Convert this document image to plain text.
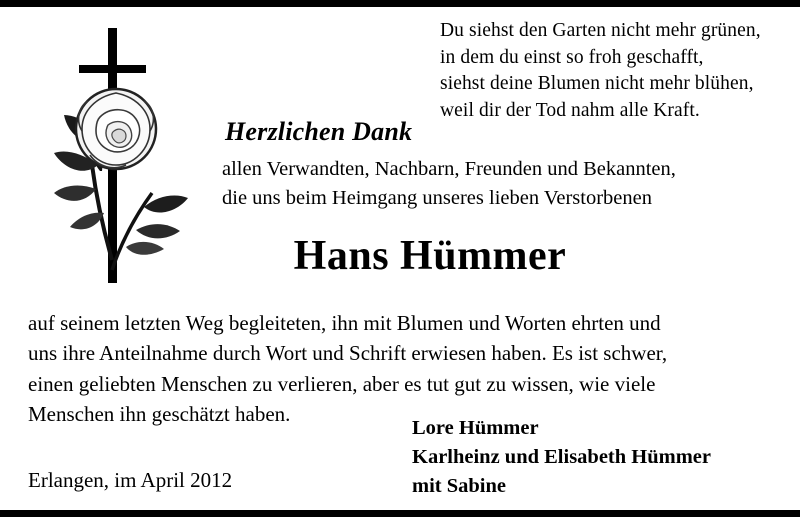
Du siehst den Garten nicht mehr grünen,
in dem du einst so froh geschafft,
siehst deine Blumen nicht mehr blühen,
weil dir der Tod nahm alle Kraft.
Herzlichen Dank
allen Verwandten, Nachbarn, Freunden und Bekannten,
die uns beim Heimgang unseres lieben Verstorbenen
Hans Hümmer
auf seinem letzten Weg begleiteten, ihn mit Blumen und Worten ehrten und
uns ihre Anteilnahme durch Wort und Schrift erwiesen haben. Es ist schwer,
einen geliebten Menschen zu verlieren, aber es tut gut zu wissen, wie viele
Menschen ihn geschätzt haben.
Lore Hümmer
Karlheinz und Elisabeth Hümmer
mit Sabine
Erlangen, im April 2012
